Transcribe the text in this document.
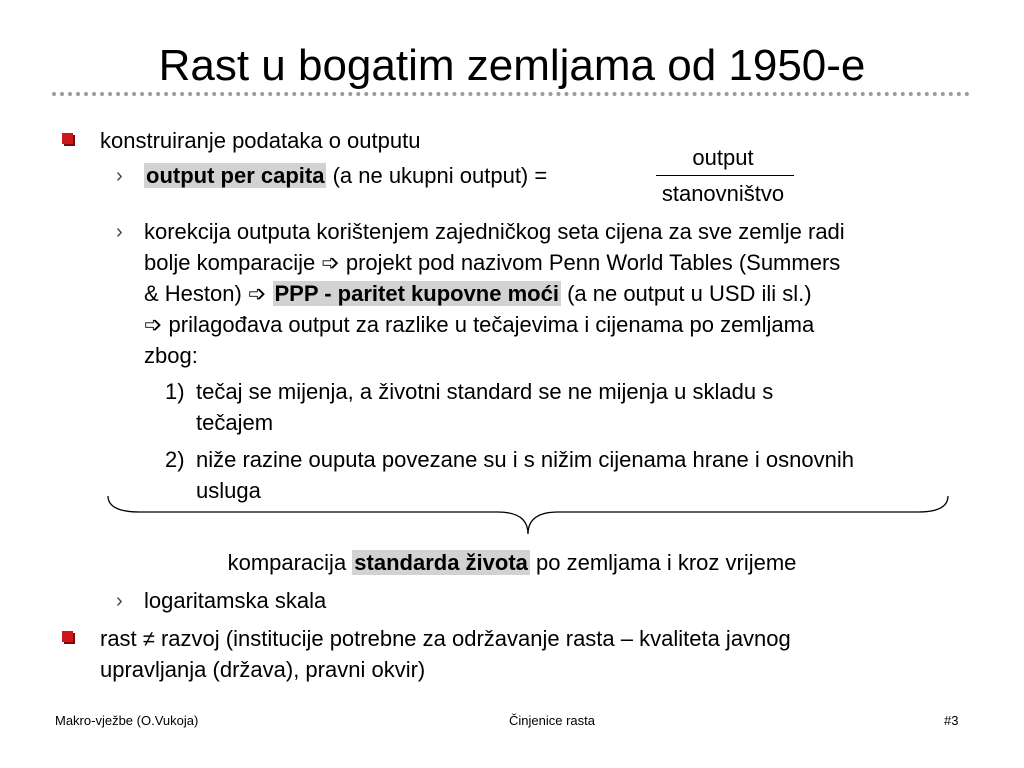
Rast u bogatim zemljama od 1950-e
konstruiranje podataka o outputu
› output per capita (a ne ukupni output) =
output
stanovništvo
› korekcija outputa korištenjem zajedničkog seta cijena za sve zemlje radi
bolje komparacije ➩ projekt pod nazivom Penn World Tables (Summers
& Heston) ➩ PPP - paritet kupovne moći (a ne output u USD ili sl.)
➩ prilagođava output za razlike u tečajevima i cijenama po zemljama
zbog:
1) tečaj se mijenja, a životni standard se ne mijenja u skladu s
tečajem
2) niže razine ouputa povezane su i s nižim cijenama hrane i osnovnih
usluga
komparacija standarda života po zemljama i kroz vrijeme
› logaritamska skala
rast ≠ razvoj (institucije potrebne za održavanje rasta – kvaliteta javnog
upravljanja (država), pravni okvir)
Makro-vježbe (O.Vukoja)	Činjenice rasta	#3
